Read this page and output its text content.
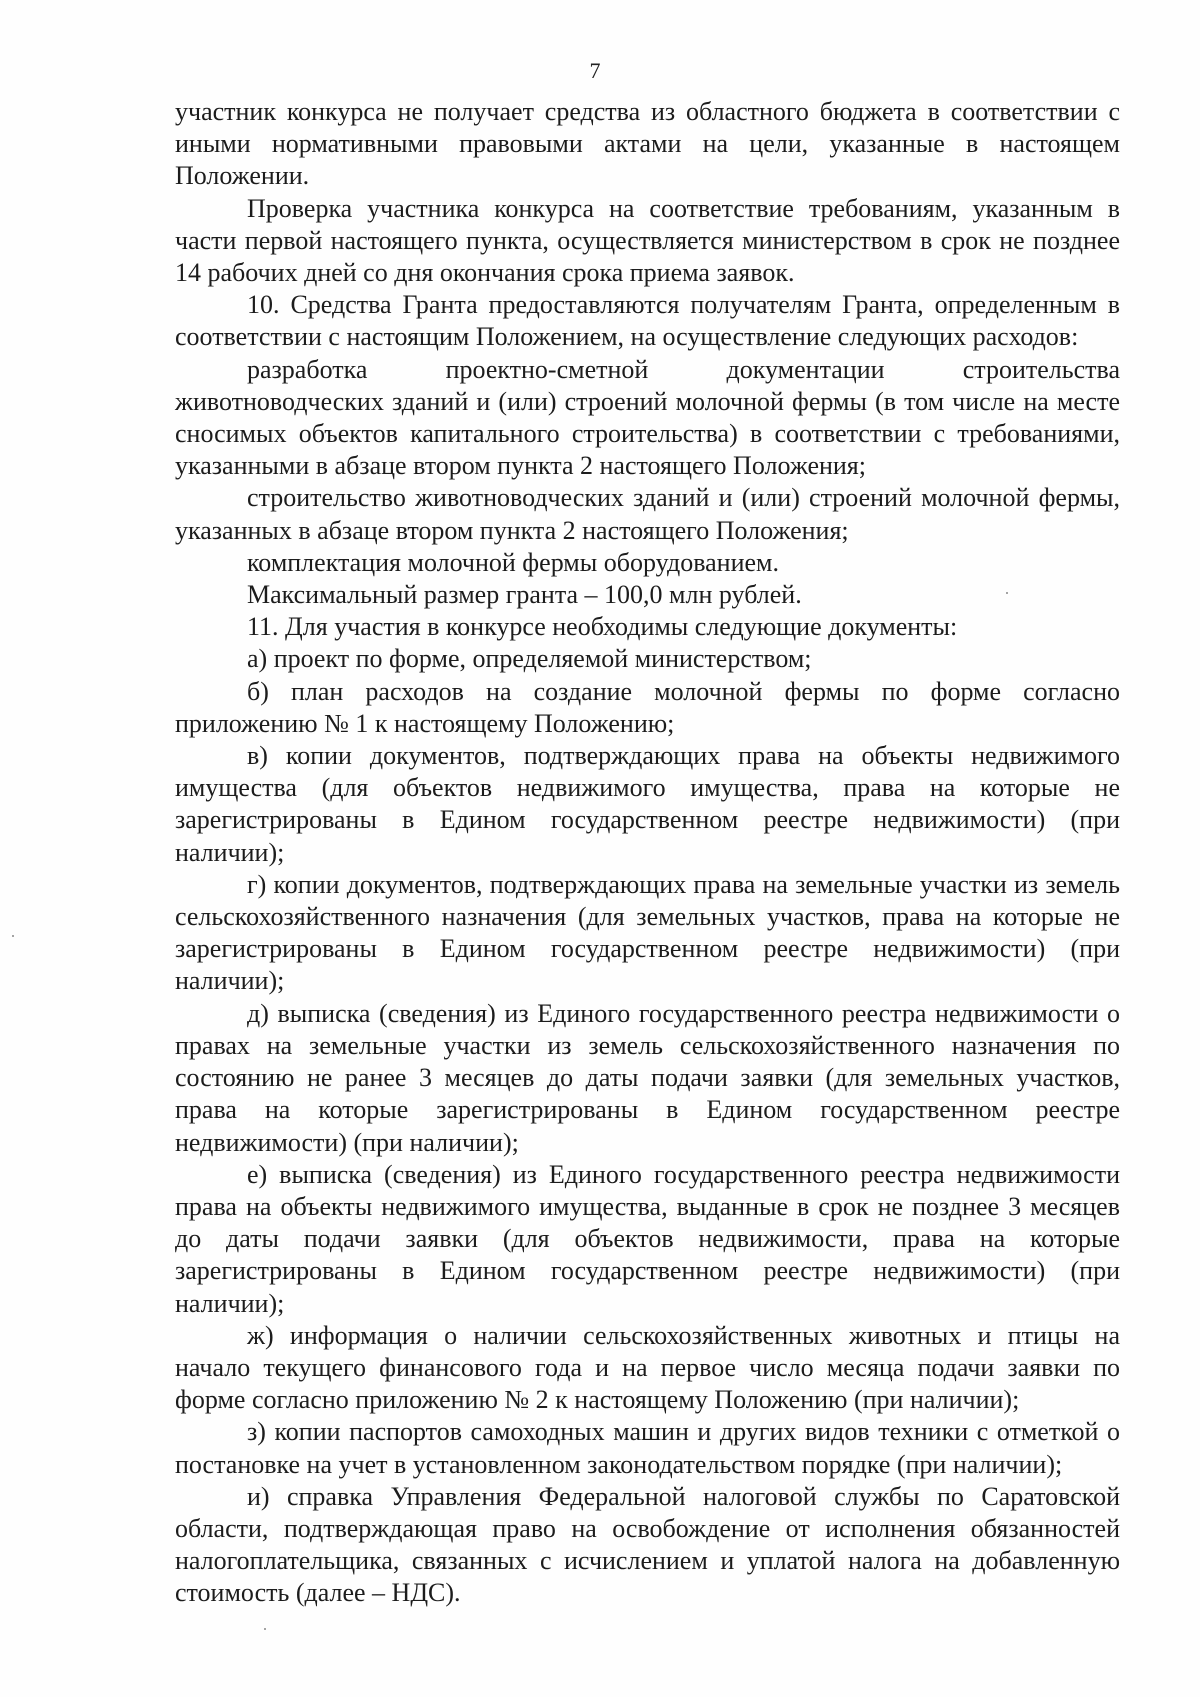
7

участник конкурса не получает средства из областного бюджета в соответствии с иными нормативными правовыми актами на цели, указанные в настоящем Положении.

Проверка участника конкурса на соответствие требованиям, указанным в части первой настоящего пункта, осуществляется министерством в срок не позднее 14 рабочих дней со дня окончания срока приема заявок.

10. Средства Гранта предоставляются получателям Гранта, определенным в соответствии с настоящим Положением, на осуществление следующих расходов:

разработка проектно-сметной документации строительства животноводческих зданий и (или) строений молочной фермы (в том числе на месте сносимых объектов капитального строительства) в соответствии с требованиями, указанными в абзаце втором пункта 2 настоящего Положения;

строительство животноводческих зданий и (или) строений молочной фермы, указанных в абзаце втором пункта 2 настоящего Положения;

комплектация молочной фермы оборудованием.

Максимальный размер гранта – 100,0 млн рублей.

11. Для участия в конкурсе необходимы следующие документы:

а) проект по форме, определяемой министерством;

б) план расходов на создание молочной фермы по форме согласно приложению № 1 к настоящему Положению;

в) копии документов, подтверждающих права на объекты недвижимого имущества (для объектов недвижимого имущества, права на которые не зарегистрированы в Едином государственном реестре недвижимости) (при наличии);

г) копии документов, подтверждающих права на земельные участки из земель сельскохозяйственного назначения (для земельных участков, права на которые не зарегистрированы в Едином государственном реестре недвижимости) (при наличии);

д) выписка (сведения) из Единого государственного реестра недвижимости о правах на земельные участки из земель сельскохозяйственного назначения по состоянию не ранее 3 месяцев до даты подачи заявки (для земельных участков, права на которые зарегистрированы в Едином государственном реестре недвижимости) (при наличии);

е) выписка (сведения) из Единого государственного реестра недвижимости права на объекты недвижимого имущества, выданные в срок не позднее 3 месяцев до даты подачи заявки (для объектов недвижимости, права на которые зарегистрированы в Едином государственном реестре недвижимости) (при наличии);

ж) информация о наличии сельскохозяйственных животных и птицы на начало текущего финансового года и на первое число месяца подачи заявки по форме согласно приложению № 2 к настоящему Положению (при наличии);

з) копии паспортов самоходных машин и других видов техники с отметкой о постановке на учет в установленном законодательством порядке (при наличии);

и) справка Управления Федеральной налоговой службы по Саратовской области, подтверждающая право на освобождение от исполнения обязанностей налогоплательщика, связанных с исчислением и уплатой налога на добавленную стоимость (далее – НДС).
